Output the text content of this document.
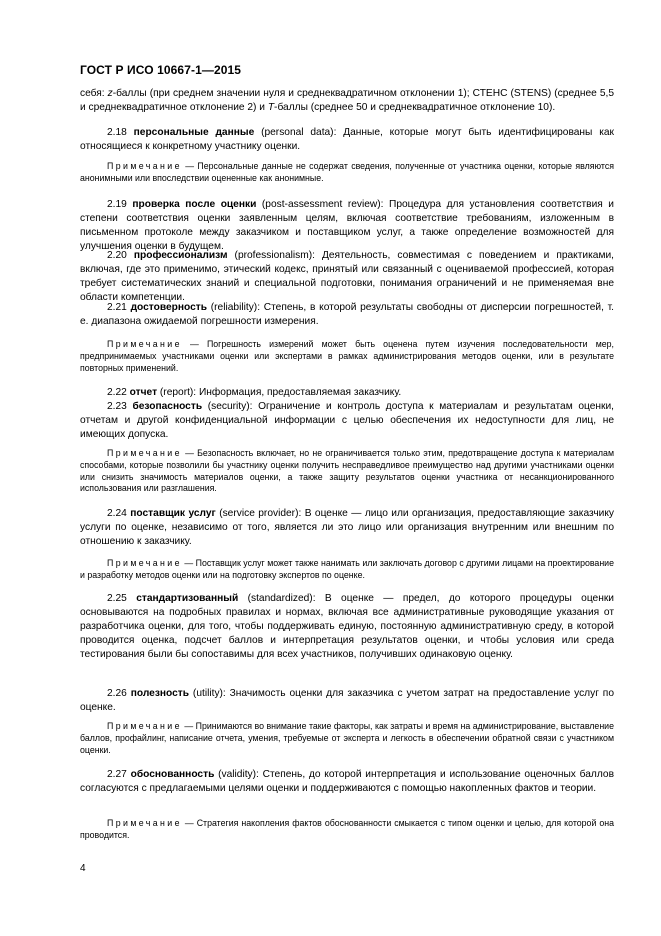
ГОСТ Р ИСО 10667-1—2015
себя: z-баллы (при среднем значении нуля и среднеквадратичном отклонении 1); СТЕНС (STENS) (среднее 5,5 и среднеквадратичное отклонение 2) и T-баллы (среднее 50 и среднеквадратичное отклонение 10).
2.18 персональные данные (personal data): Данные, которые могут быть идентифицированы как относящиеся к конкретному участнику оценки.
Примечание — Персональные данные не содержат сведения, полученные от участника оценки, которые являются анонимными или впоследствии оцененные как анонимные.
2.19 проверка после оценки (post-assessment review): Процедура для установления соответствия и степени соответствия оценки заявленным целям, включая соответствие требованиям, изложенным в письменном протоколе между заказчиком и поставщиком услуг, а также определение возможностей для улучшения оценки в будущем.
2.20 профессионализм (professionalism): Деятельность, совместимая с поведением и практиками, включая, где это применимо, этический кодекс, принятый или связанный с оцениваемой профессией, которая требует систематических знаний и специальной подготовки, понимания ограничений и не применяемая вне области компетенции.
2.21 достоверность (reliability): Степень, в которой результаты свободны от дисперсии погрешностей, т. е. диапазона ожидаемой погрешности измерения.
Примечание — Погрешность измерений может быть оценена путем изучения последовательности мер, предпринимаемых участниками оценки или экспертами в рамках администрирования методов оценки, или в результате повторных применений.
2.22 отчет (report): Информация, предоставляемая заказчику.
2.23 безопасность (security): Ограничение и контроль доступа к материалам и результатам оценки, отчетам и другой конфиденциальной информации с целью обеспечения их недоступности для лиц, не имеющих допуска.
Примечание — Безопасность включает, но не ограничивается только этим, предотвращение доступа к материалам способами, которые позволили бы участнику оценки получить несправедливое преимущество над другими участниками оценки или снизить значимость материалов оценки, а также защиту результатов оценки участника от несанкционированного использования или разглашения.
2.24 поставщик услуг (service provider): В оценке — лицо или организация, предоставляющие заказчику услуги по оценке, независимо от того, является ли это лицо или организация внутренним или внешним по отношению к заказчику.
Примечание — Поставщик услуг может также нанимать или заключать договор с другими лицами на проектирование и разработку методов оценки или на подготовку экспертов по оценке.
2.25 стандартизованный (standardized): В оценке — предел, до которого процедуры оценки основываются на подробных правилах и нормах, включая все административные руководящие указания от разработчика оценки, для того, чтобы поддерживать единую, постоянную административную среду, в которой проводится оценка, подсчет баллов и интерпретация результатов оценки, и чтобы условия или среда тестирования были бы сопоставимы для всех участников, получивших одинаковую оценку.
2.26 полезность (utility): Значимость оценки для заказчика с учетом затрат на предоставление услуг по оценке.
Примечание — Принимаются во внимание такие факторы, как затраты и время на администрирование, выставление баллов, профайлинг, написание отчета, умения, требуемые от эксперта и легкость в обеспечении обратной связи с участником оценки.
2.27 обоснованность (validity): Степень, до которой интерпретация и использование оценочных баллов согласуются с предлагаемыми целями оценки и поддерживаются с помощью накопленных фактов и теории.
Примечание — Стратегия накопления фактов обоснованности смыкается с типом оценки и целью, для которой она проводится.
4
